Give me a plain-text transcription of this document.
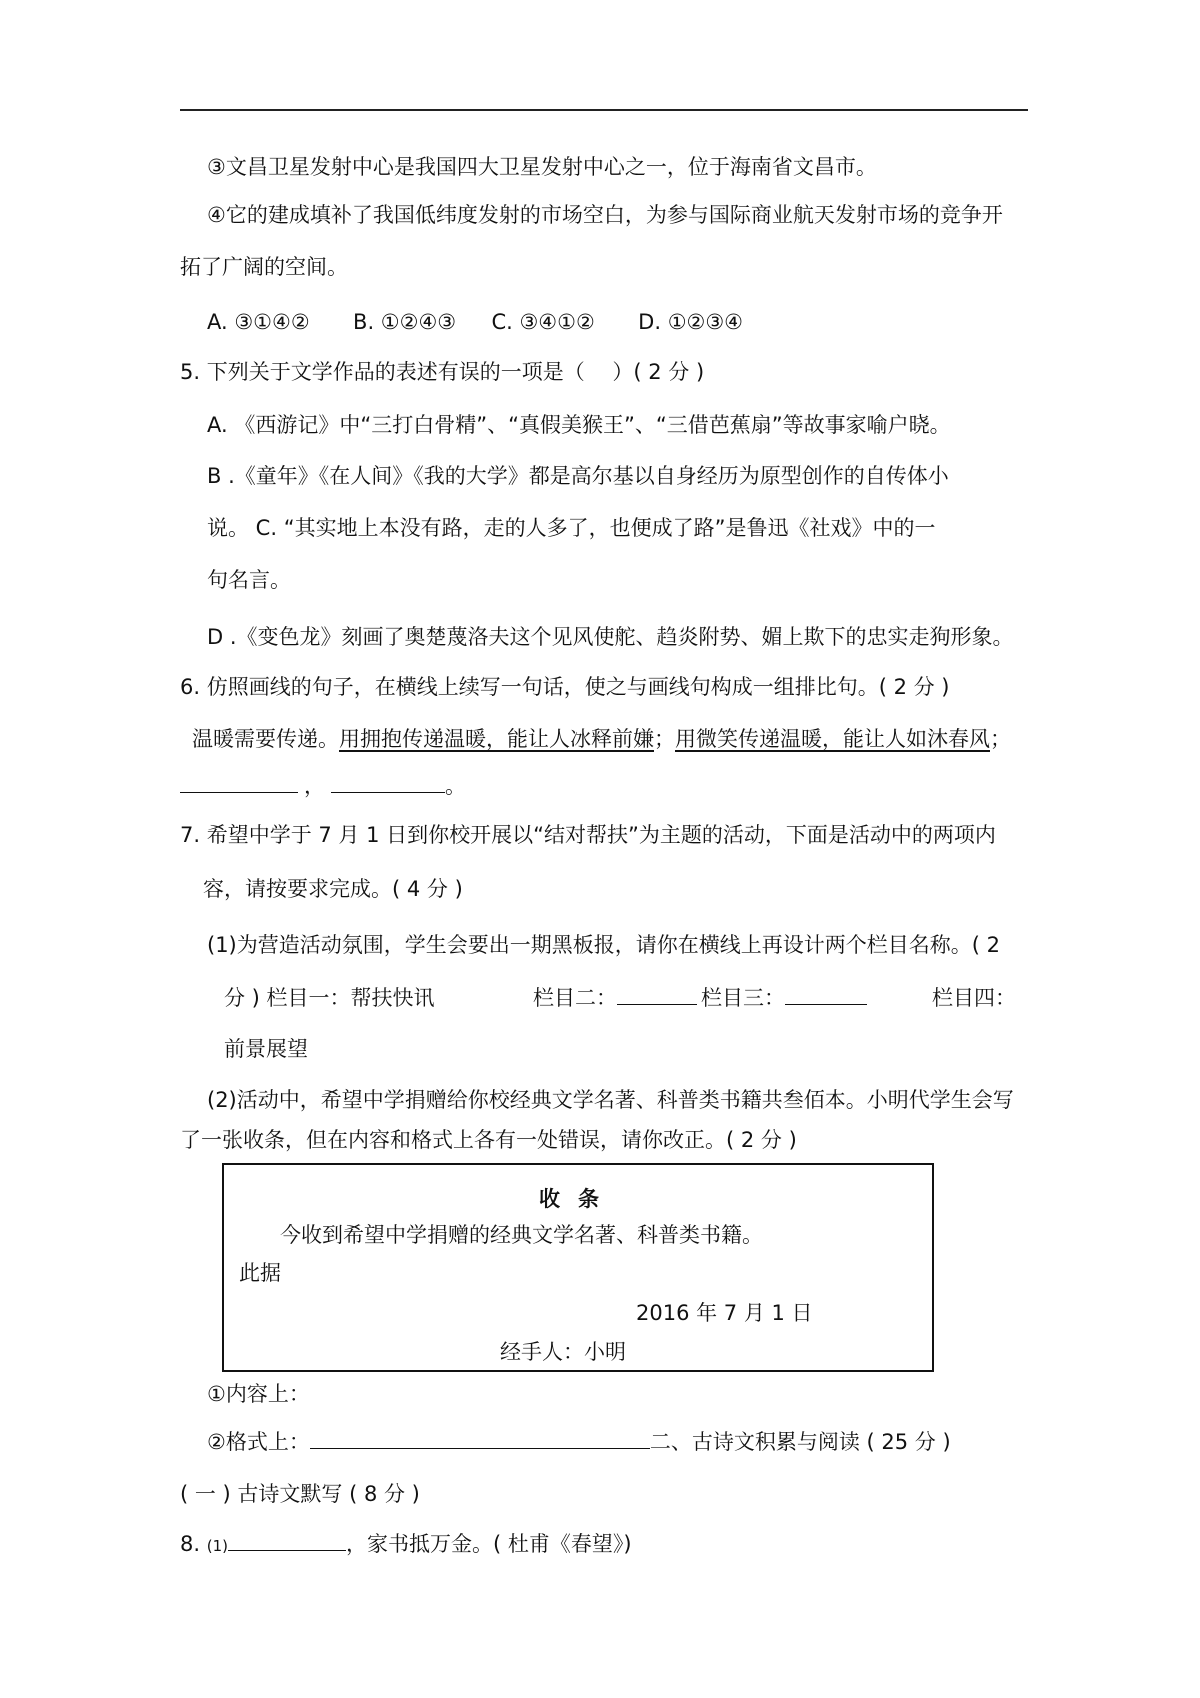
③文昌卫星发射中心是我国四大卫星发射中心之一，位于海南省文昌市。
④它的建成填补了我国低纬度发射的市场空白，为参与国际商业航天发射市场的竞争开
拓了广阔的空间。
A. ③①④② B. ①②④③ C. ③④①② D. ①②③④
5. 下列关于文学作品的表述有误的一项是（　 ）( 2 分 )
A. 《西游记》中“三打白骨精”、“真假美猴王”、“三借芭蕉扇”等故事家喻户晓。
B .《童年》《在人间》《我的大学》都是高尔基以自身经历为原型创作的自传体小
说。 C. “其实地上本没有路，走的人多了，也便成了路”是鲁迅《社戏》中的一
句名言。
D .《变色龙》刻画了奥楚蔑洛夫这个见风使舵、趋炎附势、媚上欺下的忠实走狗形象。
6. 仿照画线的句子，在横线上续写一句话，使之与画线句构成一组排比句。( 2 分 )
温暖需要传递。用拥抱传递温暖，能让人冰释前嫌；用微笑传递温暖，能让人如沐春风；
，	。
7. 希望中学于 7 月 1 日到你校开展以“结对帮扶”为主题的活动，下面是活动中的两项内
容，请按要求完成。( 4 分 )
(1)为营造活动氛围，学生会要出一期黑板报，请你在横线上再设计两个栏目名称。( 2
分 ) 栏目一：帮扶快讯	栏目二：	栏目三：	栏目四：
前景展望
(2)活动中，希望中学捐赠给你校经典文学名著、科普类书籍共叁佰本。小明代学生会写
了一张收条，但在内容和格式上各有一处错误，请你改正。( 2 分 )
收条
今收到希望中学捐赠的经典文学名著、科普类书籍。
此据
2016 年 7 月 1 日
经手人：小明
①内容上：
②格式上：	二、古诗文积累与阅读 ( 25 分 )
( 一 ) 古诗文默写 ( 8 分 )
8. (1)	，家书抵万金。( 杜甫《春望》)
